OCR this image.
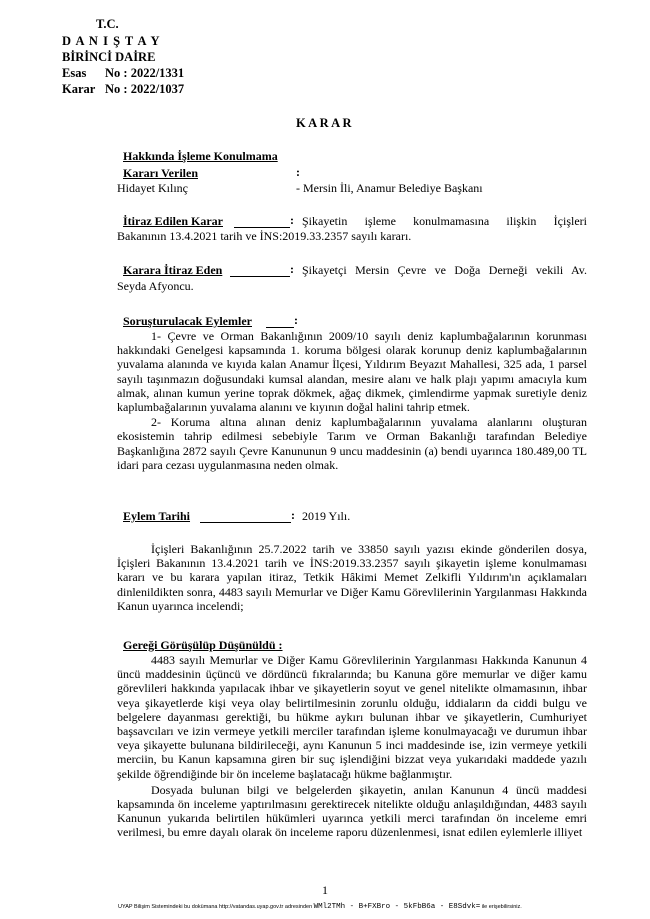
T.C.
D A N I Ş T A Y
BİRİNCİ DAİRE
Esas No : 2022/1331
Karar No : 2022/1037
K A R A R
Hakkında İşleme Konulmama
Kararı Verilen	:
Hidayet Kılınç	- Mersin İli, Anamur Belediye Başkanı
İtiraz Edilen Karar	: Şikayetin işleme konulmamasına ilişkin İçişleri

Bakanının 13.4.2021 tarih ve İNS:2019.33.2357 sayılı kararı.
Karara İtiraz Eden	: Şikayetçi Mersin Çevre ve Doğa Derneği vekili Av.

Seyda Afyoncu.
Soruşturulacak Eylemler	:

1- Çevre ve Orman Bakanlığının 2009/10 sayılı deniz kaplumbağalarının korunması hakkındaki Genelgesi kapsamında 1. koruma bölgesi olarak korunup deniz kaplumbağalarının yuvalama alanında ve kıyıda kalan Anamur İlçesi, Yıldırım Beyazıt Mahallesi, 325 ada, 1 parsel sayılı taşınmazın doğusundaki kumsal alandan, mesire alanı ve halk plajı yapımı amacıyla kum almak, alınan kumun yerine toprak dökmek, ağaç dikmek, çimlendirme yapmak suretiyle deniz kaplumbağalarının yuvalama alanını ve kıyının doğal halini tahrip etmek.

2- Koruma altına alınan deniz kaplumbağalarının yuvalama alanlarını oluşturan ekosistemin tahrip edilmesi sebebiyle Tarım ve Orman Bakanlığı tarafından Belediye Başkanlığına 2872 sayılı Çevre Kanununun 9 uncu maddesinin (a) bendi uyarınca 180.489,00 TL idari para cezası uygulanmasına neden olmak.

Eylem Tarihi	: 2019 Yılı.

İçişleri Bakanlığının 25.7.2022 tarih ve 33850 sayılı yazısı ekinde gönderilen dosya, İçişleri Bakanının 13.4.2021 tarih ve İNS:2019.33.2357 sayılı şikayetin işleme konulmaması kararı ve bu karara yapılan itiraz, Tetkik Hâkimi Memet Zelkifli Yıldırım'ın açıklamaları dinlenildikten sonra, 4483 sayılı Memurlar ve Diğer Kamu Görevlilerinin Yargılanması Hakkında Kanun uyarınca incelendi;

Gereği Görüşülüp Düşünüldü :

4483 sayılı Memurlar ve Diğer Kamu Görevlilerinin Yargılanması Hakkında Kanunun 4 üncü maddesinin üçüncü ve dördüncü fıkralarında; bu Kanuna göre memurlar ve diğer kamu görevlileri hakkında yapılacak ihbar ve şikayetlerin soyut ve genel nitelikte olmamasının, ihbar veya şikayetlerde kişi veya olay belirtilmesinin zorunlu olduğu, iddiaların da ciddi bulgu ve belgelere dayanması gerektiği, bu hükme aykırı bulunan ihbar ve şikayetlerin, Cumhuriyet başsavcıları ve izin vermeye yetkili merciler tarafından işleme konulmayacağı ve durumun ihbar veya şikayette bulunana bildirileceği, aynı Kanunun 5 inci maddesinde ise, izin vermeye yetkili merciin, bu Kanun kapsamına giren bir suç işlendiğini bizzat veya yukarıdaki maddede yazılı şekilde öğrendiğinde bir ön inceleme başlatacağı hükme bağlanmıştır.

Dosyada bulunan bilgi ve belgelerden şikayetin, anılan Kanunun 4 üncü maddesi kapsamında ön inceleme yaptırılmasını gerektirecek nitelikte olduğu anlaşıldığından, 4483 sayılı Kanunun yukarıda belirtilen hükümleri uyarınca yetkili merci tarafından ön inceleme emri verilmesi, bu emre dayalı olarak ön inceleme raporu düzenlenmesi, isnat edilen eylemlerle illiyet

1
UYAP Bilişim Sistemindeki bu dokümana http://vatandas.uyap.gov.tr adresinden WMl2TMh - B+FXBro - 5kFbB6a - E8Sdvk= ile erişebilirsiniz.
